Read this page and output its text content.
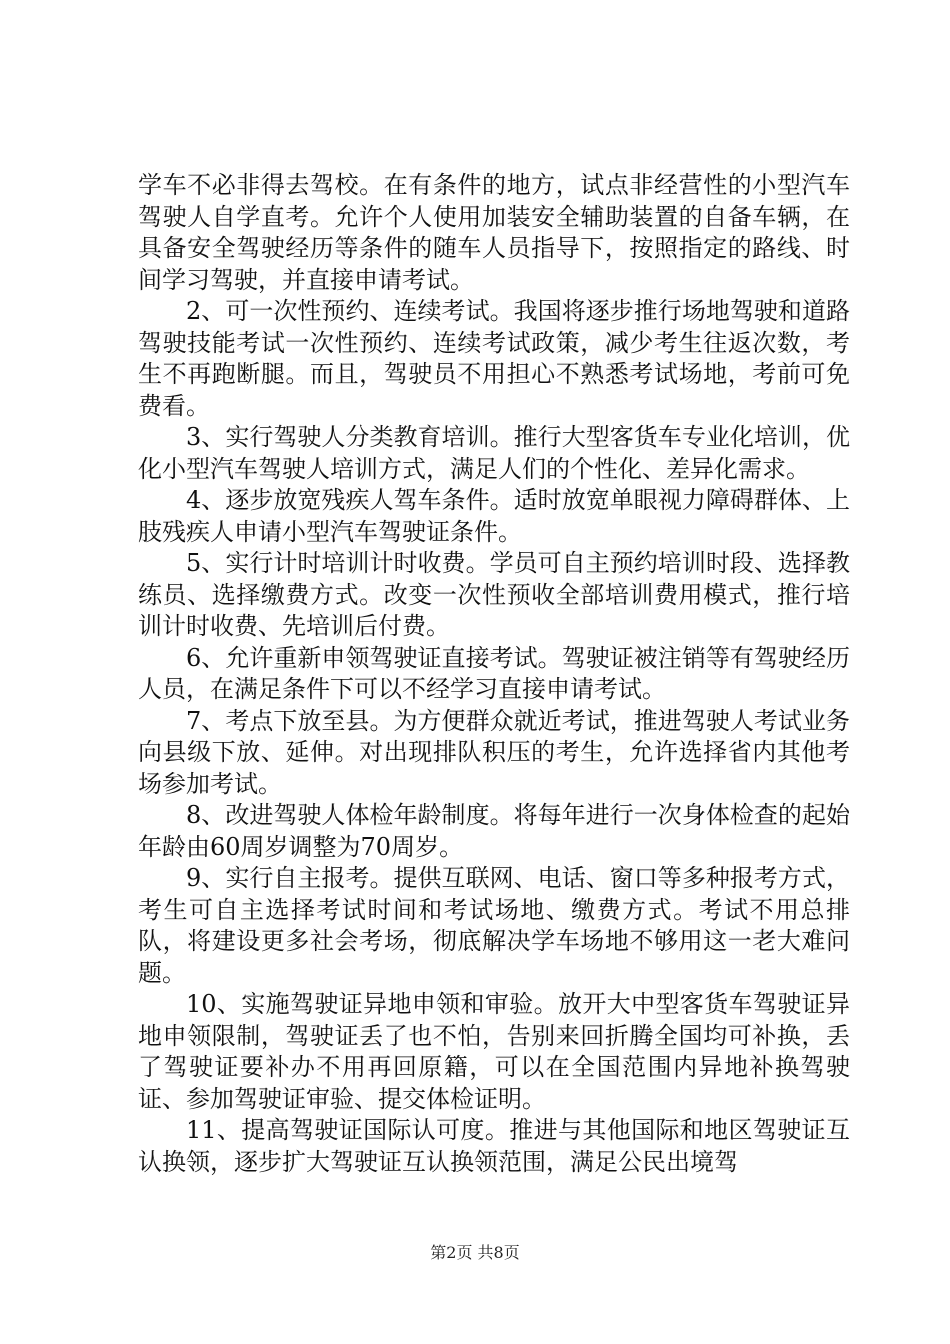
学车不必非得去驾校。在有条件的地方，试点非经营性的小型汽车驾驶人自学直考。允许个人使用加装安全辅助装置的自备车辆，在具备安全驾驶经历等条件的随车人员指导下，按照指定的路线、时间学习驾驶，并直接申请考试。

2、可一次性预约、连续考试。我国将逐步推行场地驾驶和道路驾驶技能考试一次性预约、连续考试政策，减少考生往返次数，考生不再跑断腿。而且，驾驶员不用担心不熟悉考试场地，考前可免费看。

3、实行驾驶人分类教育培训。推行大型客货车专业化培训，优化小型汽车驾驶人培训方式，满足人们的个性化、差异化需求。

4、逐步放宽残疾人驾车条件。适时放宽单眼视力障碍群体、上肢残疾人申请小型汽车驾驶证条件。

5、实行计时培训计时收费。学员可自主预约培训时段、选择教练员、选择缴费方式。改变一次性预收全部培训费用模式，推行培训计时收费、先培训后付费。

6、允许重新申领驾驶证直接考试。驾驶证被注销等有驾驶经历人员，在满足条件下可以不经学习直接申请考试。

7、考点下放至县。为方便群众就近考试，推进驾驶人考试业务向县级下放、延伸。对出现排队积压的考生，允许选择省内其他考场参加考试。

8、改进驾驶人体检年龄制度。将每年进行一次身体检查的起始年龄由60周岁调整为70周岁。

9、实行自主报考。提供互联网、电话、窗口等多种报考方式，考生可自主选择考试时间和考试场地、缴费方式。考试不用总排队，将建设更多社会考场，彻底解决学车场地不够用这一老大难问题。

10、实施驾驶证异地申领和审验。放开大中型客货车驾驶证异地申领限制，驾驶证丢了也不怕，告别来回折腾全国均可补换，丢了驾驶证要补办不用再回原籍，可以在全国范围内异地补换驾驶证、参加驾驶证审验、提交体检证明。

11、提高驾驶证国际认可度。推进与其他国际和地区驾驶证互认换领，逐步扩大驾驶证互认换领范围，满足公民出境驾

第2页 共8页
